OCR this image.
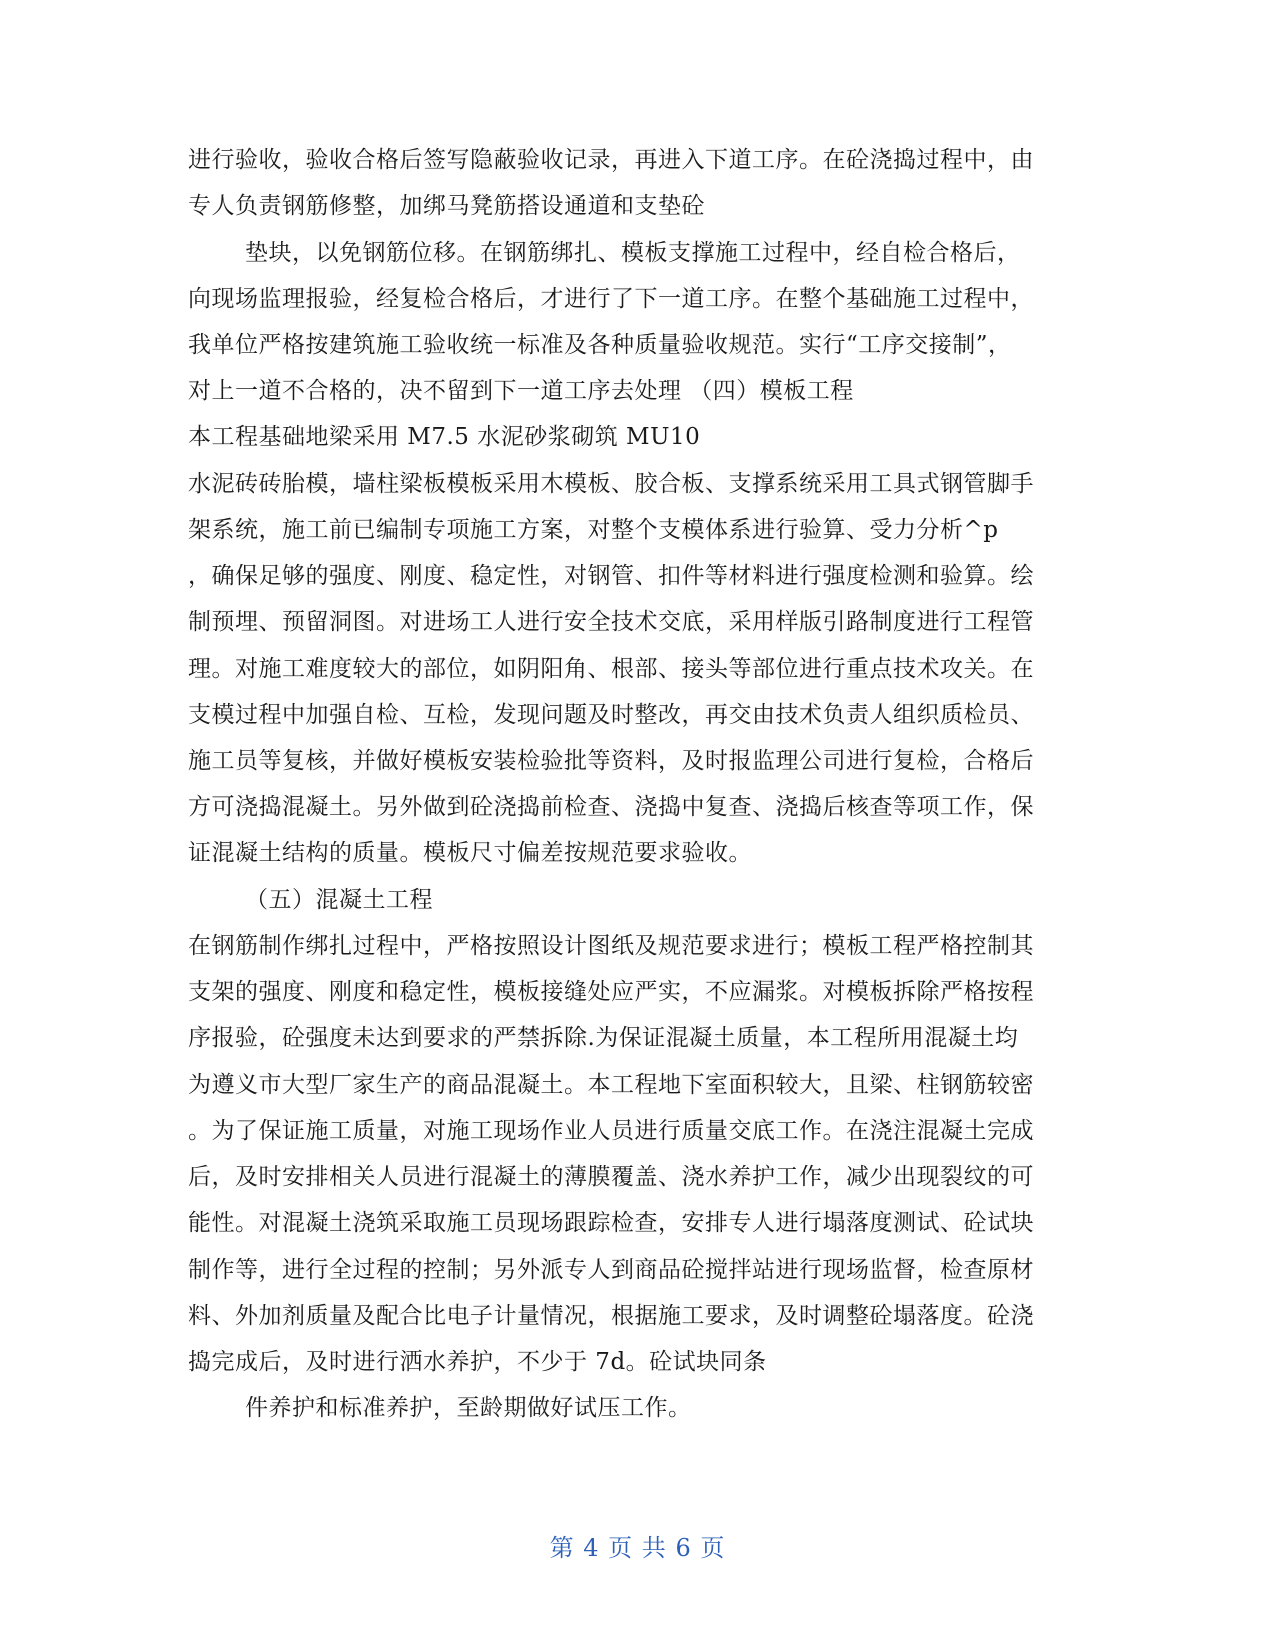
进行验收，验收合格后签写隐蔽验收记录，再进入下道工序。在砼浇捣过程中，由
专人负责钢筋修整，加绑马凳筋搭设通道和支垫砼
垫块，以免钢筋位移。在钢筋绑扎、模板支撑施工过程中，经自检合格后，
向现场监理报验，经复检合格后，才进行了下一道工序。在整个基础施工过程中，
我单位严格按建筑施工验收统一标准及各种质量验收规范。实行“工序交接制”，
对上一道不合格的，决不留到下一道工序去处理 （四）模板工程
本工程基础地梁采用 M7.5 水泥砂浆砌筑 MU10
水泥砖砖胎模，墙柱梁板模板采用木模板、胶合板、支撑系统采用工具式钢管脚手
架系统，施工前已编制专项施工方案，对整个支模体系进行验算、受力分析^p
，确保足够的强度、刚度、稳定性，对钢管、扣件等材料进行强度检测和验算。绘
制预埋、预留洞图。对进场工人进行安全技术交底，采用样版引路制度进行工程管
理。对施工难度较大的部位，如阴阳角、根部、接头等部位进行重点技术攻关。在
支模过程中加强自检、互检，发现问题及时整改，再交由技术负责人组织质检员、
施工员等复核，并做好模板安装检验批等资料，及时报监理公司进行复检，合格后
方可浇捣混凝土。另外做到砼浇捣前检查、浇捣中复查、浇捣后核查等项工作，保
证混凝土结构的质量。模板尺寸偏差按规范要求验收。
（五）混凝土工程
在钢筋制作绑扎过程中，严格按照设计图纸及规范要求进行；模板工程严格控制其
支架的强度、刚度和稳定性，模板接缝处应严实，不应漏浆。对模板拆除严格按程
序报验，砼强度未达到要求的严禁拆除.为保证混凝土质量，本工程所用混凝土均
为遵义市大型厂家生产的商品混凝土。本工程地下室面积较大，且梁、柱钢筋较密
。为了保证施工质量，对施工现场作业人员进行质量交底工作。在浇注混凝土完成
后，及时安排相关人员进行混凝土的薄膜覆盖、浇水养护工作，减少出现裂纹的可
能性。对混凝土浇筑采取施工员现场跟踪检查，安排专人进行塌落度测试、砼试块
制作等，进行全过程的控制；另外派专人到商品砼搅拌站进行现场监督，检查原材
料、外加剂质量及配合比电子计量情况，根据施工要求，及时调整砼塌落度。砼浇
捣完成后，及时进行洒水养护，不少于 7d。砼试块同条
件养护和标准养护，至龄期做好试压工作。
第 4 页 共 6 页
